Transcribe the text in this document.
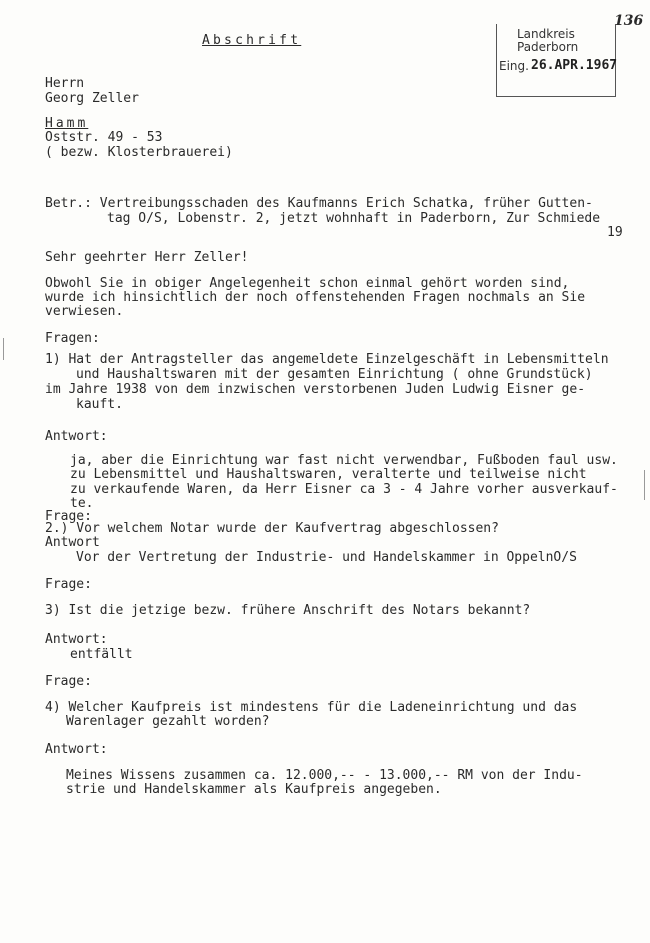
Abschrift
136
Landkreis
Paderborn
Eing. 26.APR.1967
Herrn
Georg Zeller
Hamm
Oststr. 49 - 53
( bezw. Klosterbrauerei)
Betr.: Vertreibungsschaden des Kaufmanns Erich Schatka, früher Gutten-
tag O/S, Lobenstr. 2, jetzt wohnhaft in Paderborn, Zur Schmiede
19
Sehr geehrter Herr Zeller!
Obwohl Sie in obiger Angelegenheit schon einmal gehört worden sind,
wurde ich hinsichtlich der noch offenstehenden Fragen nochmals an Sie
verwiesen.
Fragen:
1) Hat der Antragsteller das angemeldete Einzelgeschäft in Lebensmitteln
und Haushaltswaren mit der gesamten Einrichtung ( ohne Grundstück)
im Jahre 1938 von dem inzwischen verstorbenen Juden Ludwig Eisner ge-
kauft.
Antwort:
ja, aber die Einrichtung war fast nicht verwendbar, Fußboden faul usw.
zu Lebensmittel und Haushaltswaren, veralterte und teilweise nicht
zu verkaufende Waren, da Herr Eisner ca 3 - 4 Jahre vorher ausverkauf-
te.
Frage:
2.) Vor welchem Notar wurde der Kaufvertrag abgeschlossen?
Antwort
Vor der Vertretung der Industrie- und Handelskammer in OppelnO/S
Frage:
3) Ist die jetzige bezw. frühere Anschrift des Notars bekannt?
Antwort:
entfällt
Frage:
4) Welcher Kaufpreis ist mindestens für die Ladeneinrichtung und das
Warenlager gezahlt worden?
Antwort:
Meines Wissens zusammen ca. 12.000,-- - 13.000,-- RM von der Indu-
strie und Handelskammer als Kaufpreis angegeben.
